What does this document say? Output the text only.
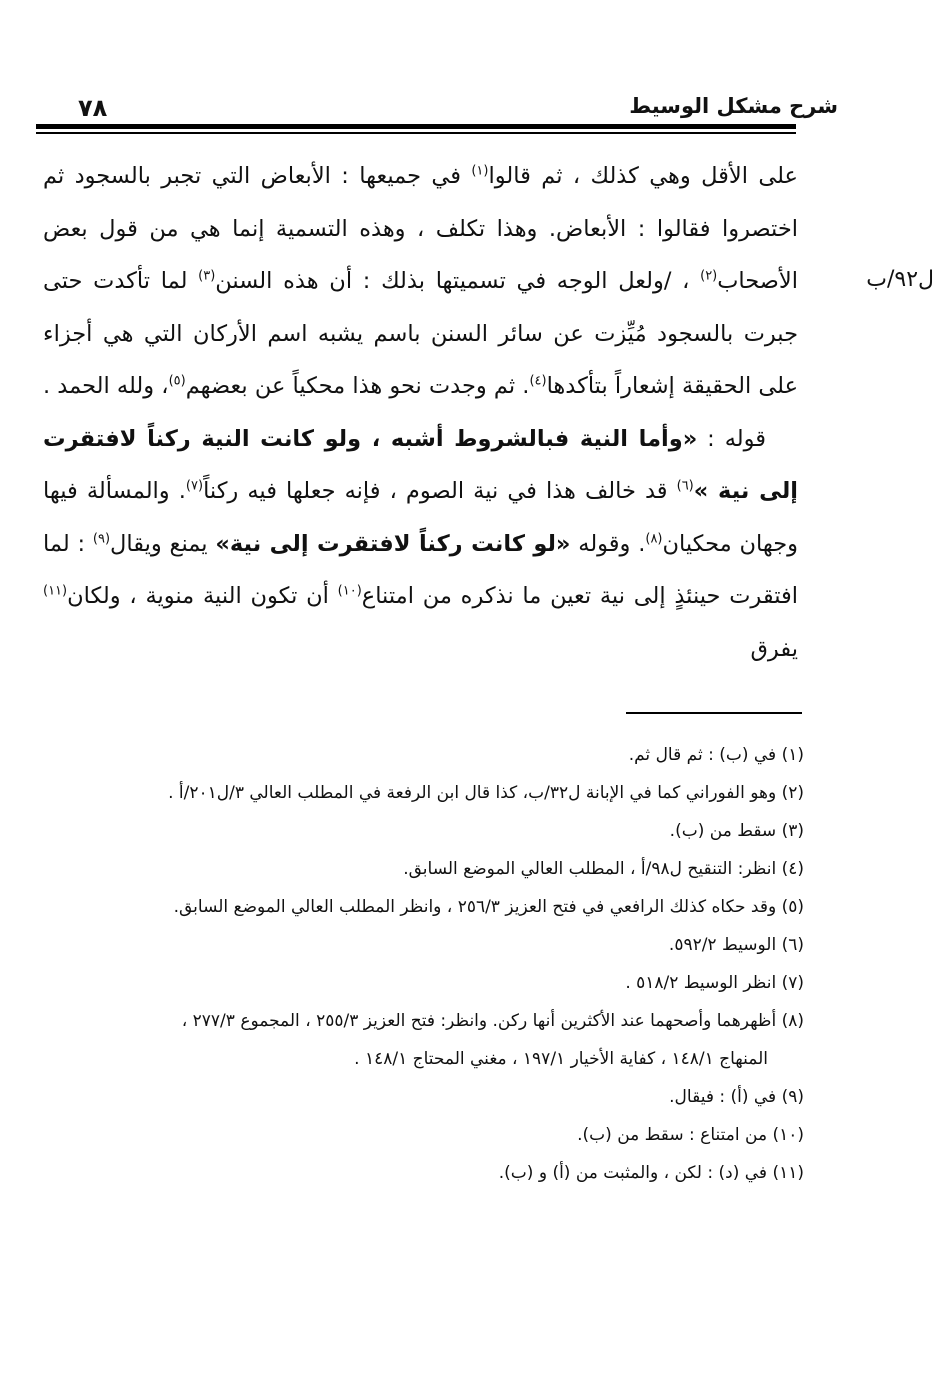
٧٨	شرح مشكل الوسيط
ل٩٢/ب

على الأقل وهي كذلك ، ثم قالوا$^{(١)}$ في جميعها : الأبعاض التي تجبر بالسجود ثم اختصروا فقالوا : الأبعاض. وهذا تكلف ، وهذه التسمية إنما هي من قول بعض الأصحاب$^{(٢)}$ ، /ولعل الوجه في تسميتها بذلك : أن هذه السنن$^{(٣)}$ لما تأكدت حتى جبرت بالسجود مُيِّزت عن سائر السنن باسم يشبه اسم الأركان التي هي أجزاء على الحقيقة إشعاراً بتأكدها$^{(٤)}$. ثم وجدت نحو هذا محكياً عن بعضهم$^{(٥)}$، ولله الحمد .

قوله : «وأما النية فبالشروط أشبه ، ولو كانت النية ركناً لافتقرت إلى نية »$^{(٦)}$ قد خالف هذا في نية الصوم ، فإنه جعلها فيه ركناً$^{(٧)}$. والمسألة فيها وجهان محكيان$^{(٨)}$. وقوله «لو كانت ركناً لافتقرت إلى نية» يمنع ويقال$^{(٩)}$ : لما افتقرت حينئذٍ إلى نية تعين ما نذكره من امتناع$^{(١٠)}$ أن تكون النية منوية ، ولكان$^{(١١)}$ يفرق

(١) في (ب) : ثم قال ثم.

(٢) وهو الفوراني كما في الإبانة ل٣٢/ب، كذا قال ابن الرفعة في المطلب العالي ٣/ل٢٠١/أ .

(٣) سقط من (ب).

(٤) انظر: التنقيح ل٩٨/أ ، المطلب العالي الموضع السابق.

(٥) وقد حكاه كذلك الرافعي في فتح العزيز ٢٥٦/٣ ، وانظر المطلب العالي الموضع السابق.

(٦) الوسيط ٥٩٢/٢.

(٧) انظر الوسيط ٥١٨/٢ .

(٨) أظهرهما وأصحهما عند الأكثرين أنها ركن. وانظر: فتح العزيز ٢٥٥/٣ ، المجموع ٢٧٧/٣ ،

المنهاج ١٤٨/١ ، كفاية الأخيار ١٩٧/١ ، مغني المحتاج ١٤٨/١ .

(٩) في (أ) : فيقال.

(١٠) من امتناع : سقط من (ب).

(١١) في (د) : لكن ، والمثبت من (أ) و (ب).
